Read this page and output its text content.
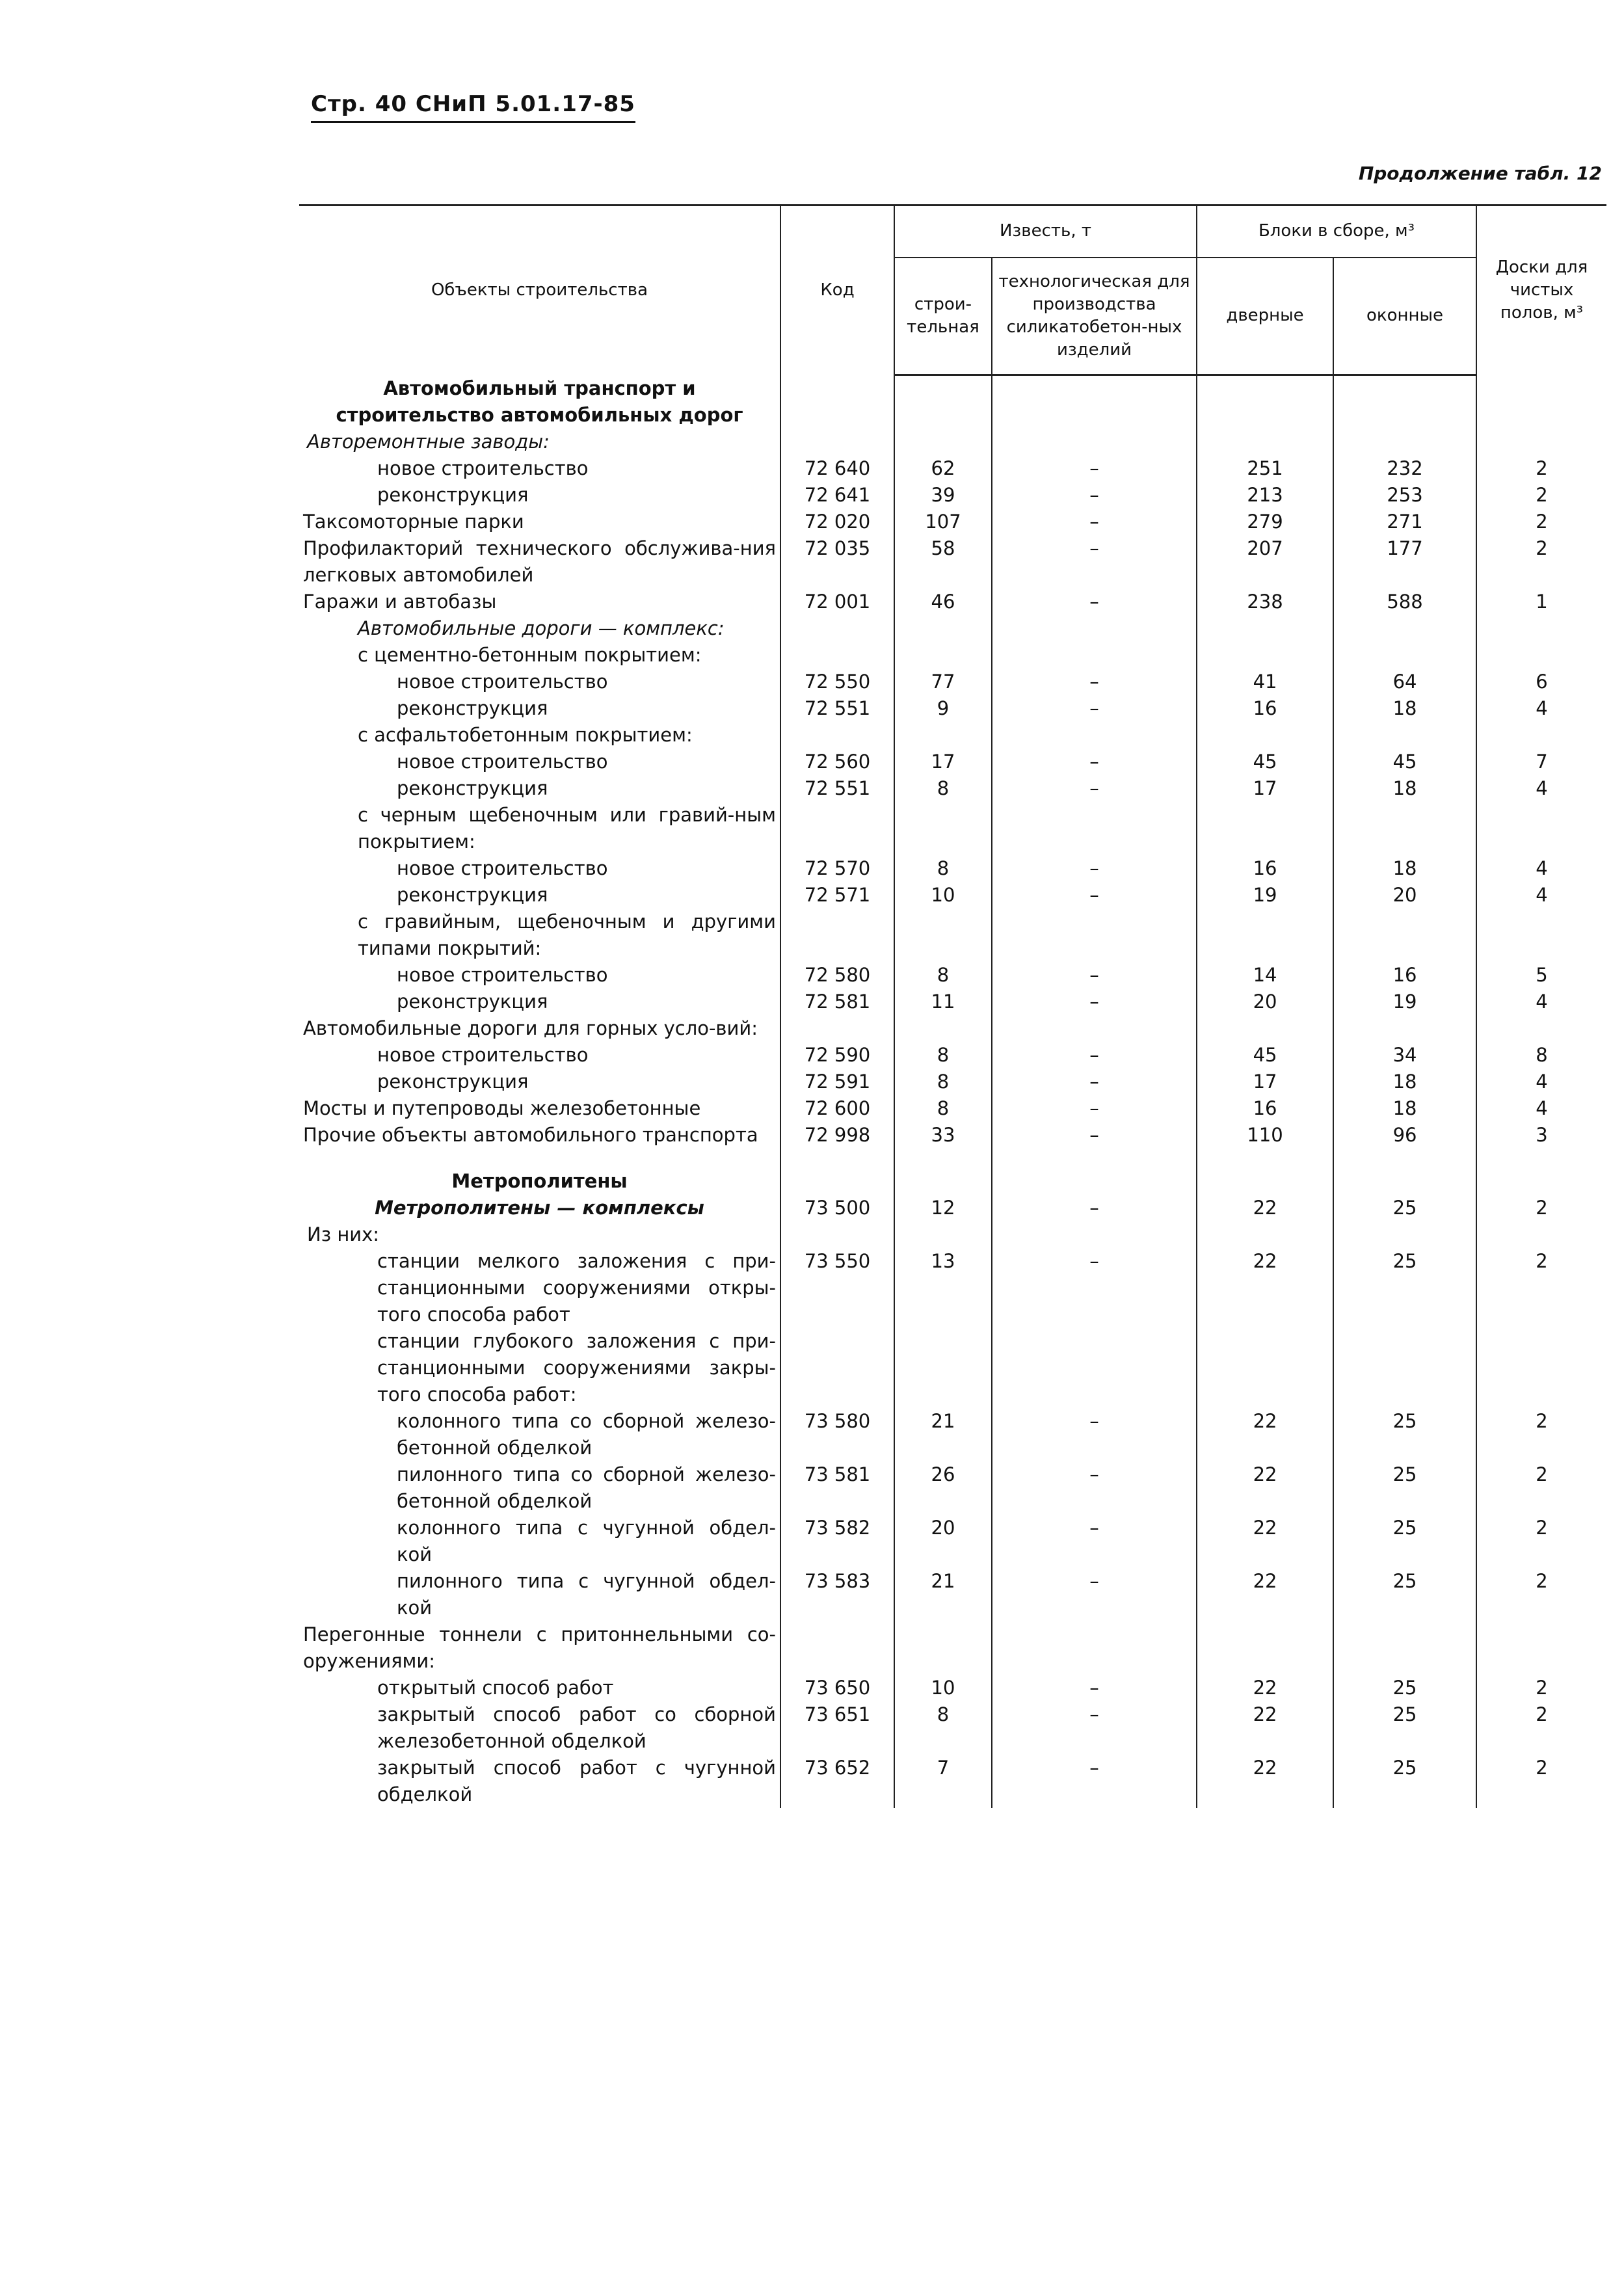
Стр. 40 СНиП 5.01.17-85
Продолжение табл. 12
Объекты строительства	Код	Известь, т		Блоки в сборе, м³		Доски для чистых полов, м³
		строи-тельная	технологическая для производства силикатобетон-ных изделий	дверные	оконные	
Автомобильный транспорт и строительство автомобильных дорог						
Авторемонтные заводы:						
новое строительство	72 640	62	–	251	232	2
реконструкция	72 641	39	–	213	253	2
Таксомоторные парки	72 020	107	–	279	271	2
Профилакторий технического обслужива-ния легковых автомобилей	72 035	58	–	207	177	2
Гаражи и автобазы	72 001	46	–	238	588	1
Автомобильные дороги — комплекс:						
с цементно-бетонным покрытием:						
новое строительство	72 550	77	–	41	64	6
реконструкция	72 551	9	–	16	18	4
с асфальтобетонным покрытием:						
новое строительство	72 560	17	–	45	45	7
реконструкция	72 551	8	–	17	18	4
с черным щебеночным или гравий-ным покрытием:						
новое строительство	72 570	8	–	16	18	4
реконструкция	72 571	10	–	19	20	4
с гравийным, щебеночным и другими типами покрытий:						
новое строительство	72 580	8	–	14	16	5
реконструкция	72 581	11	–	20	19	4
Автомобильные дороги для горных усло-вий:						
новое строительство	72 590	8	–	45	34	8
реконструкция	72 591	8	–	17	18	4
Мосты и путепроводы железобетонные	72 600	8	–	16	18	4
Прочие объекты автомобильного транспорта	72 998	33	–	110	96	3

Метрополитены						
Метрополитены — комплексы	73 500	12	–	22	25	2
Из них:						
станции мелкого заложения с при-станционными сооружениями откры-того способа работ	73 550	13	–	22	25	2
станции глубокого заложения с при-станционными сооружениями закры-того способа работ:						
колонного типа со сборной железо-бетонной обделкой	73 580	21	–	22	25	2
пилонного типа со сборной железо-бетонной обделкой	73 581	26	–	22	25	2
колонного типа с чугунной обдел-кой	73 582	20	–	22	25	2
пилонного типа с чугунной обдел-кой	73 583	21	–	22	25	2
Перегонные тоннели с притоннельными со-оружениями:						
открытый способ работ	73 650	10	–	22	25	2
закрытый способ работ со сборной железобетонной обделкой	73 651	8	–	22	25	2
закрытый способ работ с чугунной обделкой	73 652	7	–	22	25	2
